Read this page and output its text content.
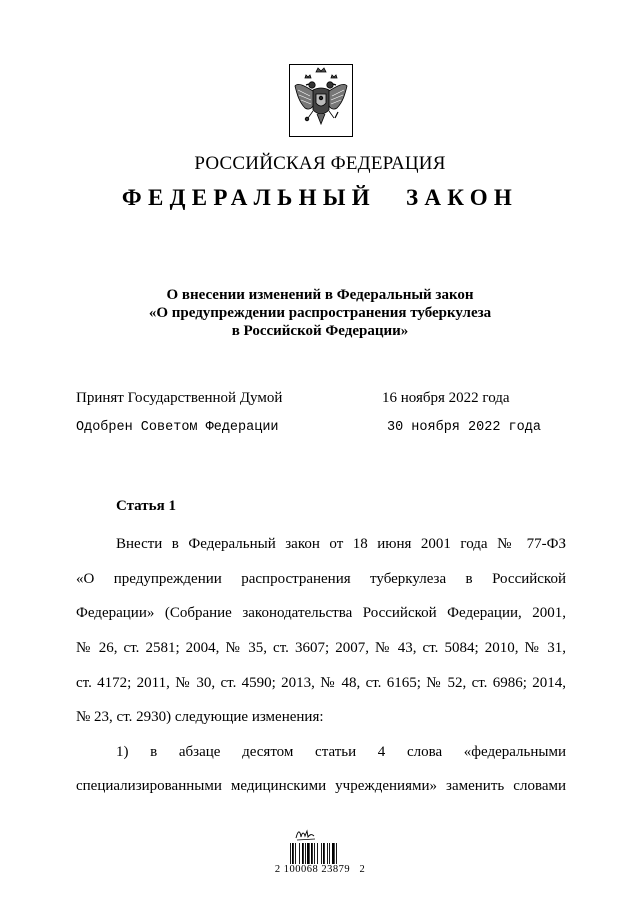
РОССИЙСКАЯ ФЕДЕРАЦИЯ
ФЕДЕРАЛЬНЫЙ ЗАКОН
О внесении изменений в Федеральный закон
«О предупреждении распространения туберкулеза
в Российской Федерации»
Принят Государственной Думой	16 ноября 2022 года
Одобрен Советом Федерации	30 ноября 2022 года
Статья 1
Внести в Федеральный закон от 18 июня 2001 года № 77-ФЗ
«О предупреждении распространения туберкулеза в Российской
Федерации» (Собрание законодательства Российской Федерации, 2001,
№ 26, ст. 2581; 2004, № 35, ст. 3607; 2007, № 43, ст. 5084; 2010, № 31,
ст. 4172; 2011, № 30, ст. 4590; 2013, № 48, ст. 6165; № 52, ст. 6986; 2014,
№ 23, ст. 2930) следующие изменения:
1) в абзаце десятом статьи 4 слова «федеральными
специализированными медицинскими учреждениями» заменить словами
2 100068 23879   2
